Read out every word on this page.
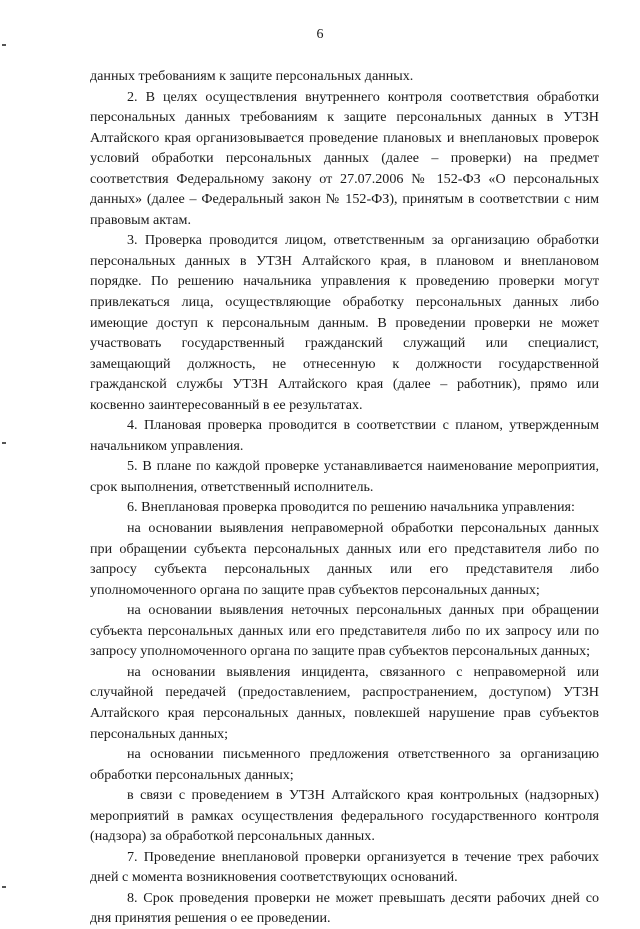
6

данных требованиям к защите персональных данных.

2. В целях осуществления внутреннего контроля соответствия обработки персональных данных требованиям к защите персональных данных в УТЗН Алтайского края организовывается проведение плановых и внеплановых проверок условий обработки персональных данных (далее – проверки) на предмет соответствия Федеральному закону от 27.07.2006 № 152-ФЗ «О персональных данных» (далее – Федеральный закон № 152-ФЗ), принятым в соответствии с ним правовым актам.

3. Проверка проводится лицом, ответственным за организацию обработки персональных данных в УТЗН Алтайского края, в плановом и внеплановом порядке. По решению начальника управления к проведению проверки могут привлекаться лица, осуществляющие обработку персональных данных либо имеющие доступ к персональным данным. В проведении проверки не может участвовать государственный гражданский служащий или специалист, замещающий должность, не отнесенную к должности государственной гражданской службы УТЗН Алтайского края (далее – работник), прямо или косвенно заинтересованный в ее результатах.

4. Плановая проверка проводится в соответствии с планом, утвержденным начальником управления.

5. В плане по каждой проверке устанавливается наименование мероприятия, срок выполнения, ответственный исполнитель.

6. Внеплановая проверка проводится по решению начальника управления:

на основании выявления неправомерной обработки персональных данных при обращении субъекта персональных данных или его представителя либо по запросу субъекта персональных данных или его представителя либо уполномоченного органа по защите прав субъектов персональных данных;

на основании выявления неточных персональных данных при обращении субъекта персональных данных или его представителя либо по их запросу или по запросу уполномоченного органа по защите прав субъектов персональных данных;

на основании выявления инцидента, связанного с неправомерной или случайной передачей (предоставлением, распространением, доступом) УТЗН Алтайского края персональных данных, повлекшей нарушение прав субъектов персональных данных;

на основании письменного предложения ответственного за организацию обработки персональных данных;

в связи с проведением в УТЗН Алтайского края контрольных (надзорных) мероприятий в рамках осуществления федерального государственного контроля (надзора) за обработкой персональных данных.

7. Проведение внеплановой проверки организуется в течение трех рабочих дней с момента возникновения соответствующих оснований.

8. Срок проведения проверки не может превышать десяти рабочих дней со дня принятия решения о ее проведении.
